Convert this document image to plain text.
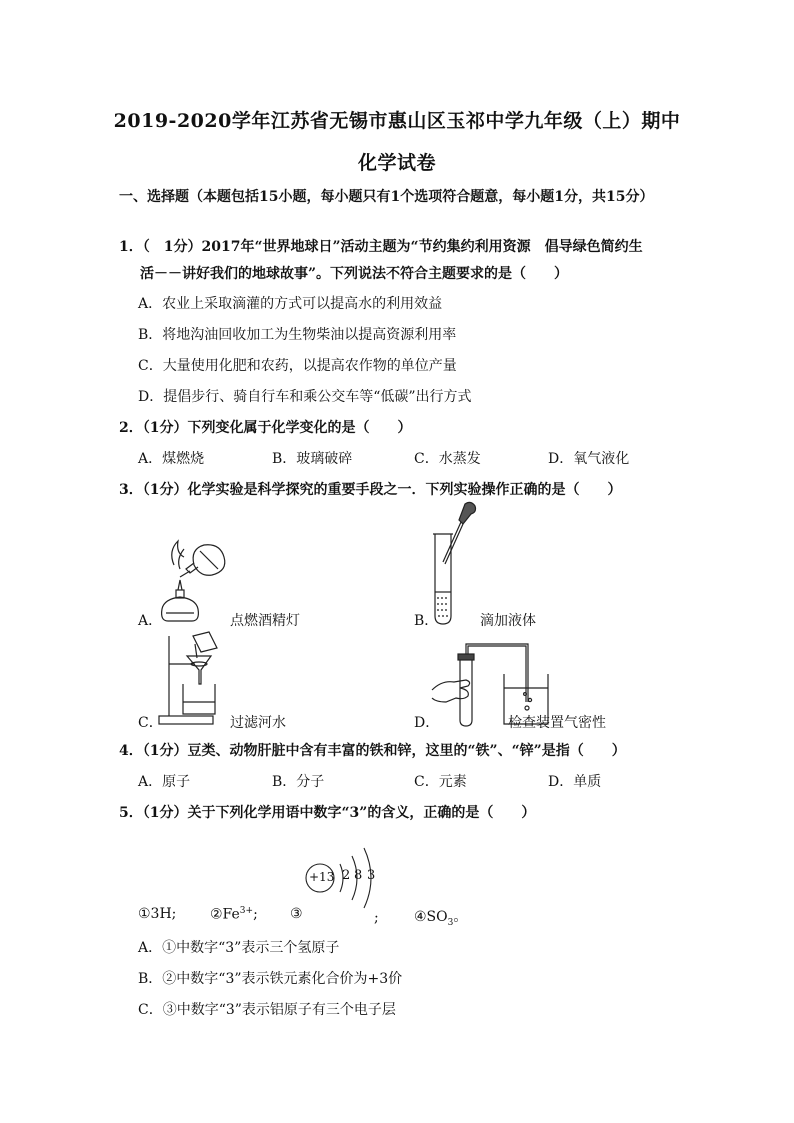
2019-2020学年江苏省无锡市惠山区玉祁中学九年级（上）期中
化学试卷
一、选择题（本题包括15小题，每小题只有1个选项符合题意，每小题1分，共15分）
1．（　1分）2017年“世界地球日”活动主题为“节约集约利用资源　倡导绿色简约生
活－－讲好我们的地球故事”。下列说法不符合主题要求的是（　　）
A．农业上采取滴灌的方式可以提高水的利用效益
B．将地沟油回收加工为生物柴油以提高资源利用率
C．大量使用化肥和农药，以提高农作物的单位产量
D．提倡步行、骑自行车和乘公交车等“低碳”出行方式
2．（1分）下列变化属于化学变化的是（　　）
A．煤燃烧	B．玻璃破碎	C．水蒸发	D．氧气液化
3．（1分）化学实验是科学探究的重要手段之一．下列实验操作正确的是（　　）
A．	点燃酒精灯	B．	滴加液体
C．	过滤河水	D．	检查装置气密性
4．（1分）豆类、动物肝脏中含有丰富的铁和锌，这里的“铁”、“锌”是指（　　）
A．原子	B．分子	C．元素	D．单质
5．（1分）关于下列化学用语中数字“3”的含义，正确的是（　　）
+13 2 8 3
①3H; $②Fe^{3+}$; ③	;	$④SO_3$。
A．①中数字“3”表示三个氢原子
B．②中数字“3”表示铁元素化合价为+3价
C．③中数字“3”表示铝原子有三个电子层
